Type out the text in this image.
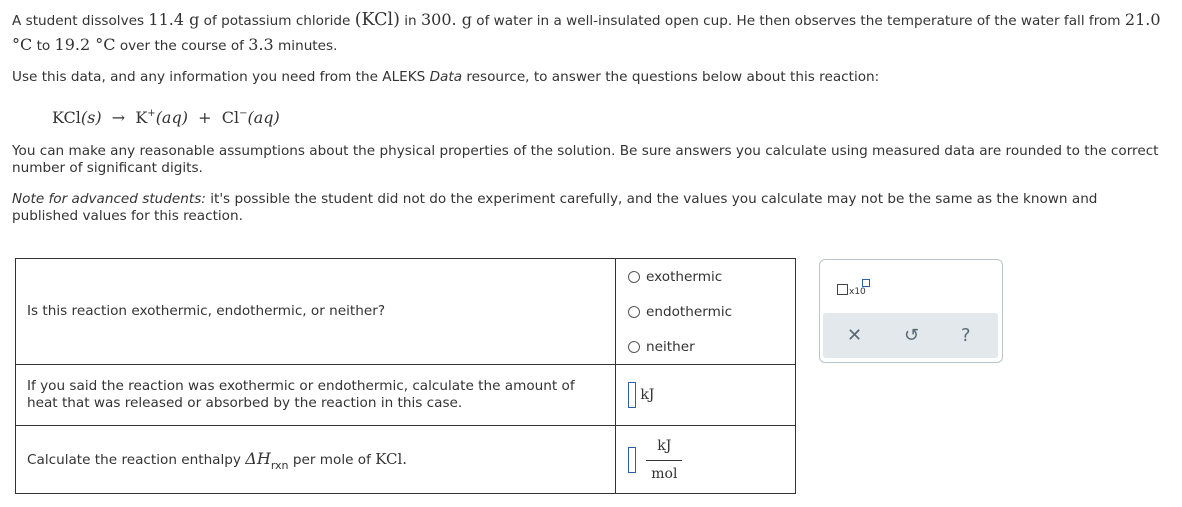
A student dissolves 11.4 g of potassium chloride (KCl) in 300. g of water in a well-insulated open cup. He then observes the temperature of the water fall from 21.0 °C to 19.2 °C over the course of 3.3 minutes.
Use this data, and any information you need from the ALEKS Data resource, to answer the questions below about this reaction:
KCl(s) → K+(aq) + Cl−(aq)
You can make any reasonable assumptions about the physical properties of the solution. Be sure answers you calculate using measured data are rounded to the correct number of significant digits.
Note for advanced students: it's possible the student did not do the experiment carefully, and the values you calculate may not be the same as the known and published values for this reaction.
Is this reaction exothermic, endothermic, or neither?	exothermic
endothermic
neither

If you said the reaction was exothermic or endothermic, calculate the amount of heat that was released or absorbed by the reaction in this case.	kJ
Calculate the reaction enthalpy $\Delta H_{rxn}$ per mole of KCl.	$\frac{kJ}{\text{mol}}$
x10
✕ ↺ ?
